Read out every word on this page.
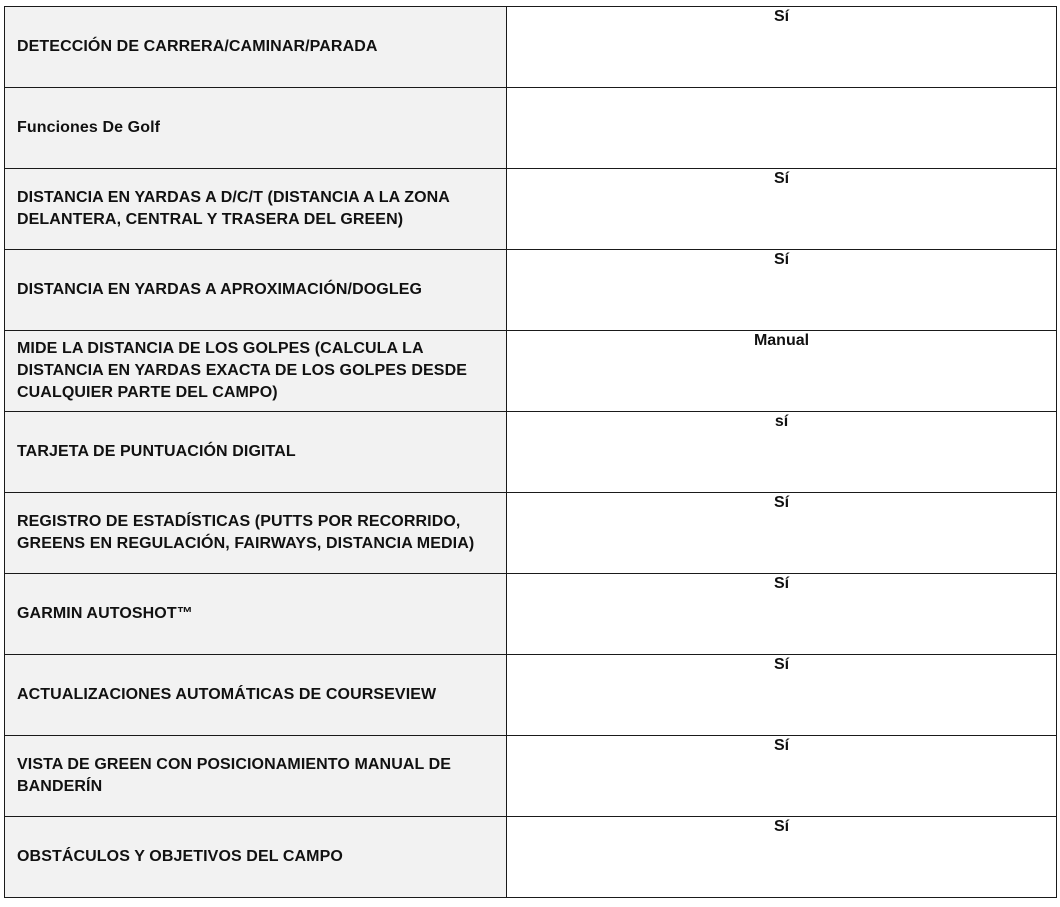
DETECCIÓN DE CARRERA/CAMINAR/PARADA	Sí

Funciones De Golf	

DISTANCIA EN YARDAS A D/C/T (DISTANCIA A LA ZONA DELANTERA, CENTRAL Y TRASERA DEL GREEN)	Sí

DISTANCIA EN YARDAS A APROXIMACIÓN/DOGLEG	Sí

MIDE LA DISTANCIA DE LOS GOLPES (CALCULA LA DISTANCIA EN YARDAS EXACTA DE LOS GOLPES DESDE CUALQUIER PARTE DEL CAMPO)	Manual

TARJETA DE PUNTUACIÓN DIGITAL	sí

REGISTRO DE ESTADÍSTICAS (PUTTS POR RECORRIDO, GREENS EN REGULACIÓN, FAIRWAYS, DISTANCIA MEDIA)	Sí

GARMIN AUTOSHOT™	Sí

ACTUALIZACIONES AUTOMÁTICAS DE COURSEVIEW	Sí

VISTA DE GREEN CON POSICIONAMIENTO MANUAL DE BANDERÍN	Sí

OBSTÁCULOS Y OBJETIVOS DEL CAMPO	Sí
